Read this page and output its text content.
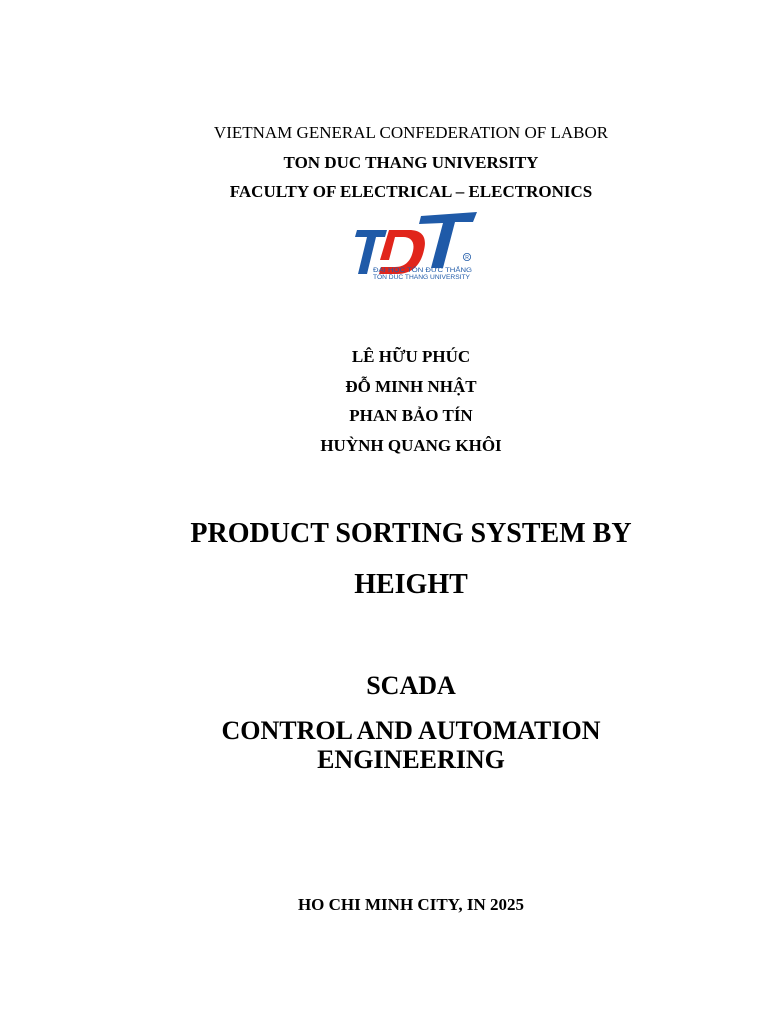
VIETNAM GENERAL CONFEDERATION OF LABOR
TON DUC THANG UNIVERSITY
FACULTY OF ELECTRICAL – ELECTRONICS
R
ĐẠI HỌC TÔN ĐỨC THẮNG
TON DUC THANG UNIVERSITY
LÊ HỮU PHÚC
ĐỖ MINH NHẬT
PHAN BẢO TÍN
HUỲNH QUANG KHÔI
PRODUCT SORTING SYSTEM BY
HEIGHT
SCADA
CONTROL AND AUTOMATION
ENGINEERING
HO CHI MINH CITY, IN 2025
